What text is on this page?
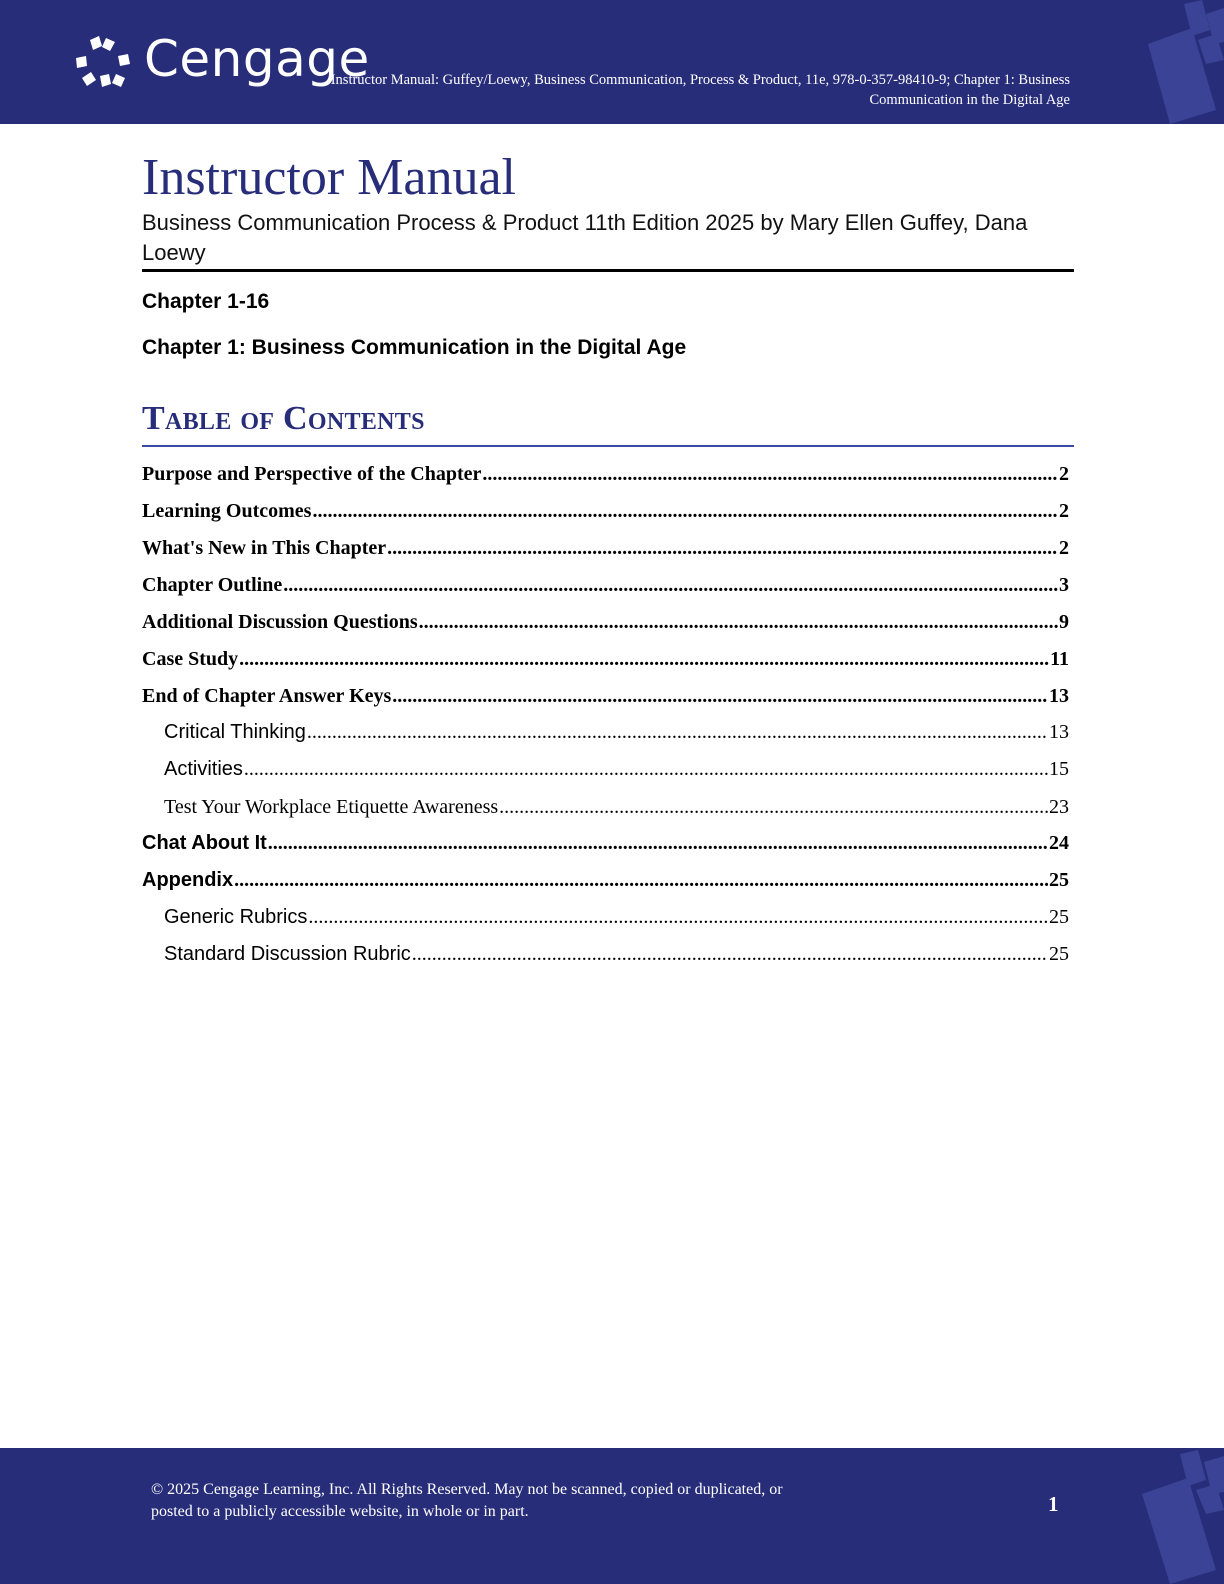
Cengage
Instructor Manual: Guffey/Loewy, Business Communication, Process & Product, 11e, 978-0-357-98410-9; Chapter 1: Business
Communication in the Digital Age
Instructor Manual

Business Communication Process & Product 11th Edition 2025 by Mary Ellen Guffey, Dana Loewy

Chapter 1-16
Chapter 1: Business Communication in the Digital Age
Table of Contents
Purpose and Perspective of the Chapter .....	2
Learning Outcomes .....	2
What's New in This Chapter .....	2
Chapter Outline .....	3
Additional Discussion Questions .....	9
Case Study .....	11
End of Chapter Answer Keys .....	13
Critical Thinking .....	13
Activities .....	15
Test Your Workplace Etiquette Awareness .....	23
Chat About It .....	24
Appendix .....	25
Generic Rubrics .....	25
Standard Discussion Rubric .....	25
© 2025 Cengage Learning, Inc. All Rights Reserved. May not be scanned, copied or duplicated, or
posted to a publicly accessible website, in whole or in part.	1
